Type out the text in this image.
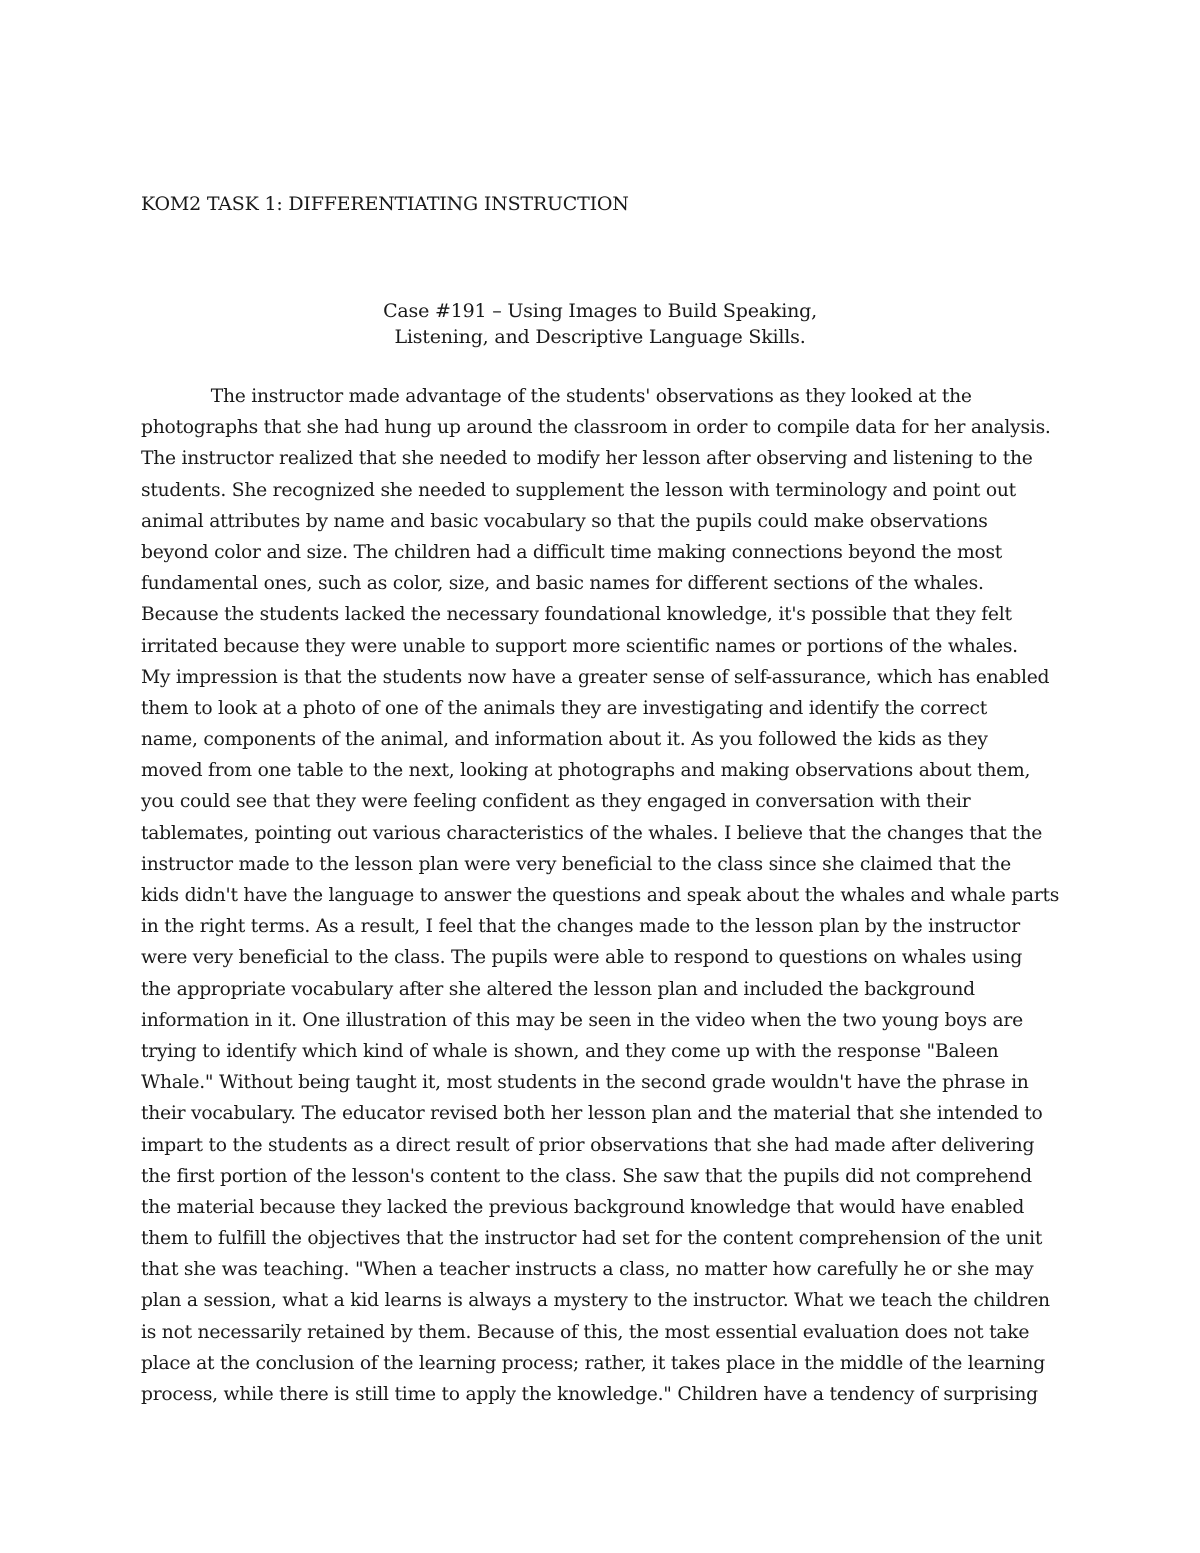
KOM2 TASK 1: DIFFERENTIATING INSTRUCTION
Case #191 – Using Images to Build Speaking,
Listening, and Descriptive Language Skills.
The instructor made advantage of the students' observations as they looked at the
photographs that she had hung up around the classroom in order to compile data for her analysis.
The instructor realized that she needed to modify her lesson after observing and listening to the
students. She recognized she needed to supplement the lesson with terminology and point out
animal attributes by name and basic vocabulary so that the pupils could make observations
beyond color and size. The children had a difficult time making connections beyond the most
fundamental ones, such as color, size, and basic names for different sections of the whales.
Because the students lacked the necessary foundational knowledge, it's possible that they felt
irritated because they were unable to support more scientific names or portions of the whales.
My impression is that the students now have a greater sense of self-assurance, which has enabled
them to look at a photo of one of the animals they are investigating and identify the correct
name, components of the animal, and information about it. As you followed the kids as they
moved from one table to the next, looking at photographs and making observations about them,
you could see that they were feeling confident as they engaged in conversation with their
tablemates, pointing out various characteristics of the whales. I believe that the changes that the
instructor made to the lesson plan were very beneficial to the class since she claimed that the
kids didn't have the language to answer the questions and speak about the whales and whale parts
in the right terms. As a result, I feel that the changes made to the lesson plan by the instructor
were very beneficial to the class. The pupils were able to respond to questions on whales using
the appropriate vocabulary after she altered the lesson plan and included the background
information in it. One illustration of this may be seen in the video when the two young boys are
trying to identify which kind of whale is shown, and they come up with the response "Baleen
Whale." Without being taught it, most students in the second grade wouldn't have the phrase in
their vocabulary. The educator revised both her lesson plan and the material that she intended to
impart to the students as a direct result of prior observations that she had made after delivering
the first portion of the lesson's content to the class. She saw that the pupils did not comprehend
the material because they lacked the previous background knowledge that would have enabled
them to fulfill the objectives that the instructor had set for the content comprehension of the unit
that she was teaching. "When a teacher instructs a class, no matter how carefully he or she may
plan a session, what a kid learns is always a mystery to the instructor. What we teach the children
is not necessarily retained by them. Because of this, the most essential evaluation does not take
place at the conclusion of the learning process; rather, it takes place in the middle of the learning
process, while there is still time to apply the knowledge." Children have a tendency of surprising
